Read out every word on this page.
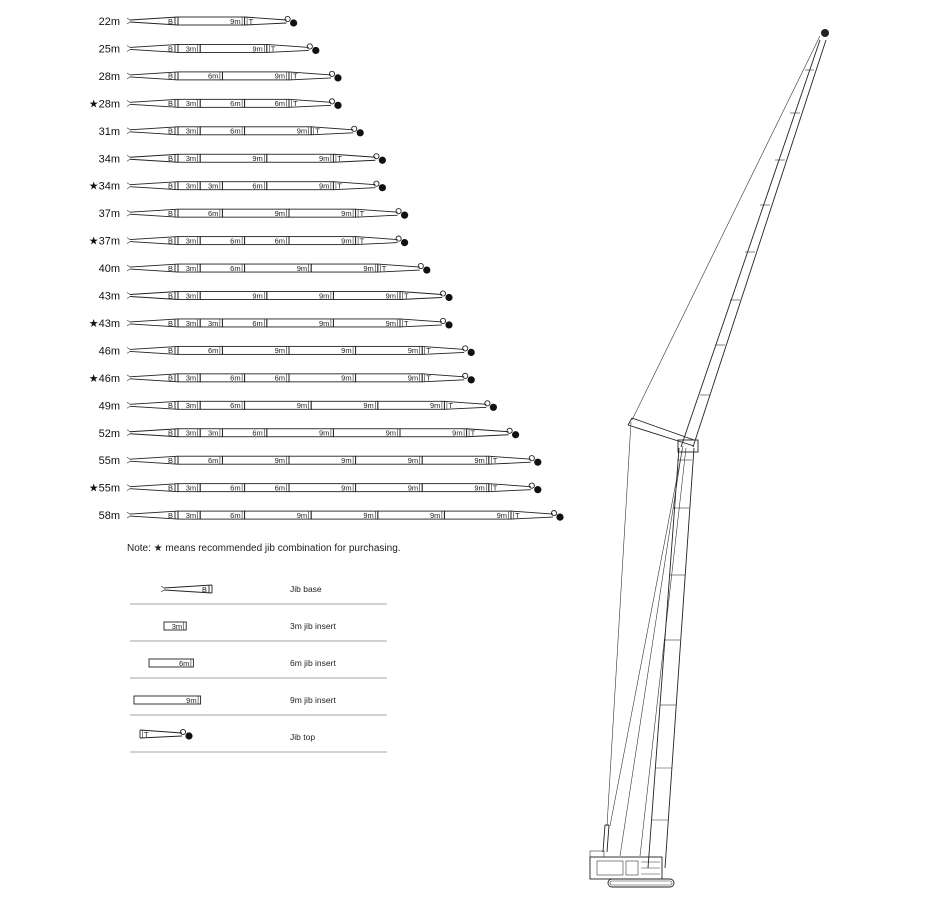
22m	B	9m T
25m	B 3m	9m T
28m	B	6m	9m T
★28m	B 3m	6m	6m T
31m	B 3m	6m	9m T
34m	B 3m	9m	9m T
★34m	B 3m 3m	6m	9m T
37m	B	6m	9m	9m T
★37m	B 3m	6m	6m	9m T
40m	B 3m	6m	9m	9m T
43m	B 3m	9m	9m	9m T
★43m	B 3m 3m	6m	9m	9m T
46m	B	6m	9m	9m	9m T
★46m	B 3m	6m	6m	9m	9m T
49m	B 3m	6m	9m	9m	9m T
52m	B 3m 3m	6m	9m	9m	9m T
55m	B	6m	9m	9m	9m	9m T
★55m	B 3m	6m	6m	9m	9m	9m T
58m	B 3m	6m	9m	9m	9m	9m T
Note: ★ means recommended jib combination for purchasing.
B	Jib base
3m	3m jib insert
6m	6m jib insert
9m	9m jib insert
T	Jib top
